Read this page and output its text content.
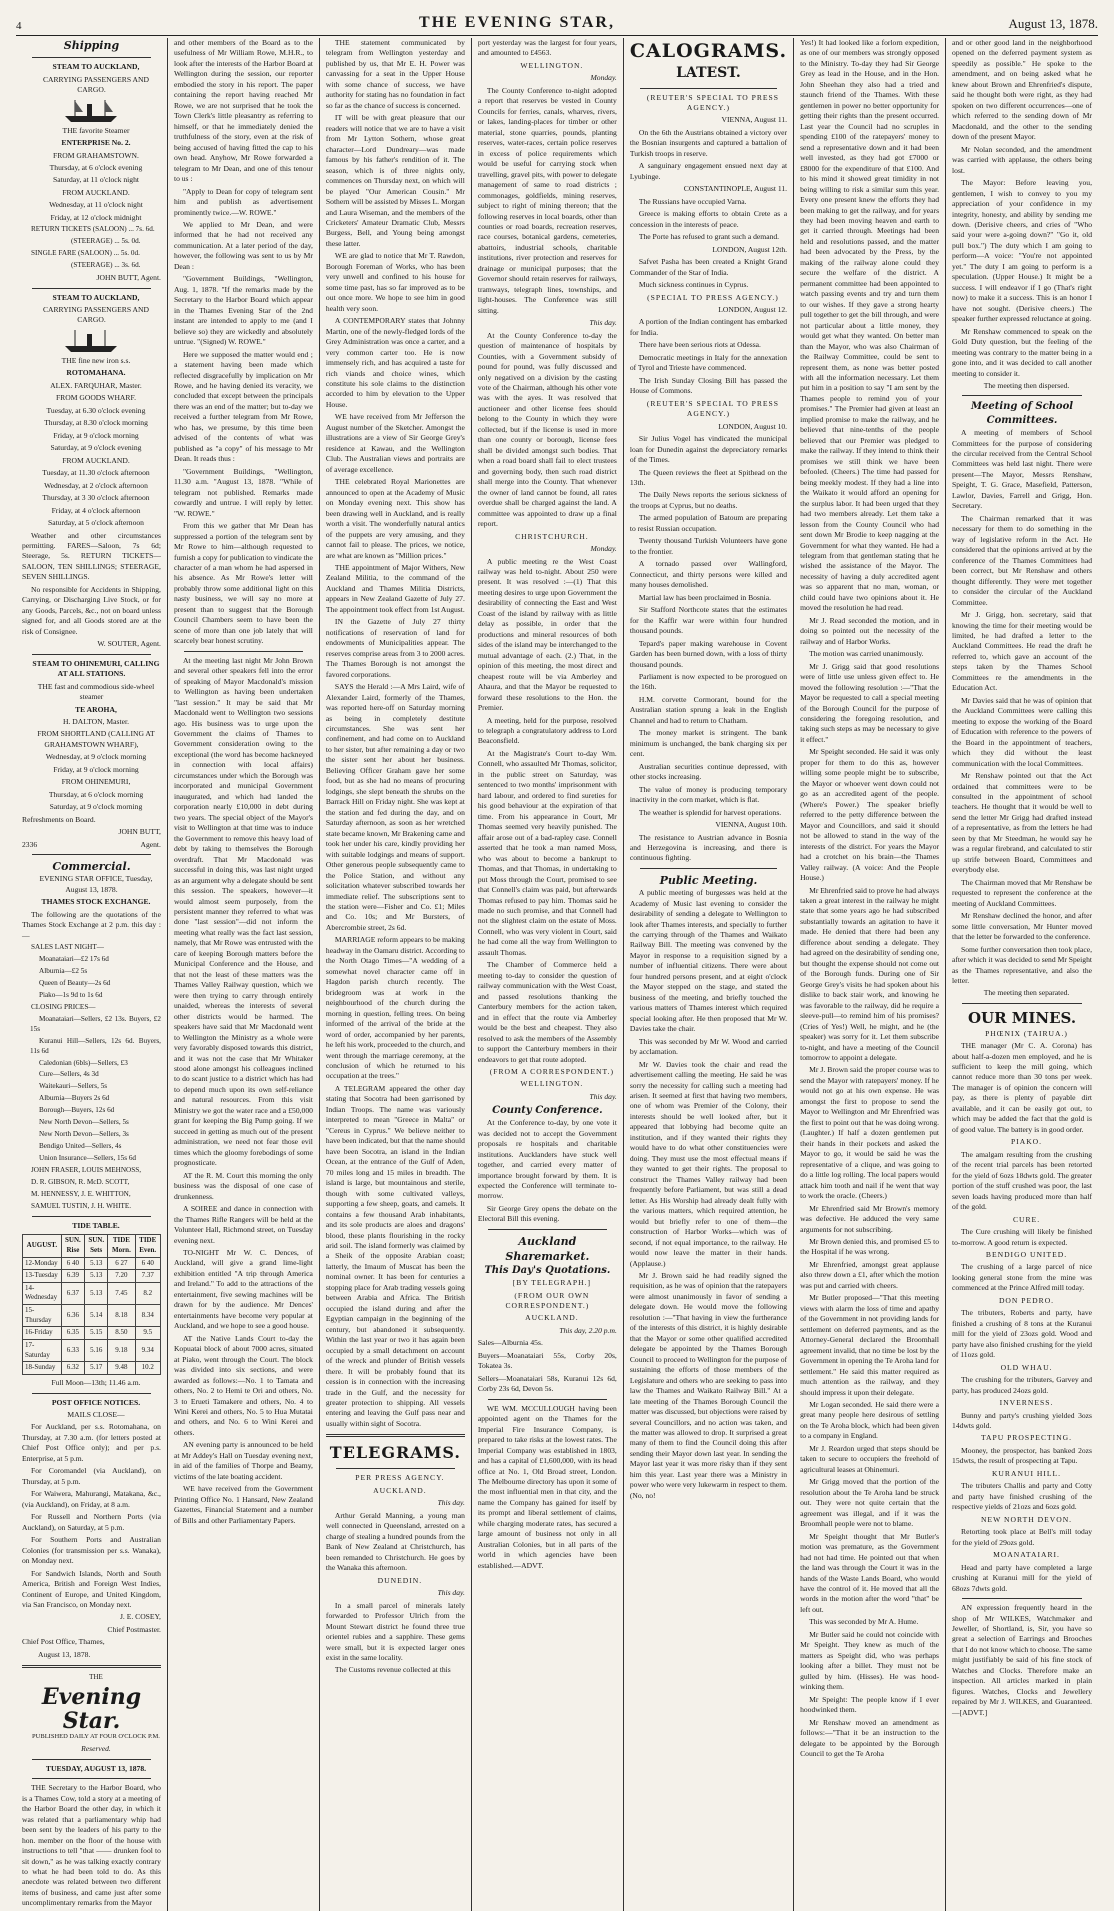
4	THE EVENING STAR,	August 13, 1878.
Shipping

STEAM TO AUCKLAND,

CARRYING PASSENGERS AND CARGO.

THE favorite Steamer

ENTERPRISE No. 2.

FROM GRAHAMSTOWN.

Thursday, at 6 o'clock evening

Saturday, at 11 o'clock night

FROM AUCKLAND.

Wednesday, at 11 o'clock night

Friday, at 12 o'clock midnight

RETURN TICKETS (SALOON) ... 7s. 6d.

(STEERAGE) ... 5s. 0d.

SINGLE FARE (SALOON) ... 5s. 0d.

(STEERAGE) ... 3s. 6d.

JOHN BUTT, Agent.

STEAM TO AUCKLAND,

CARRYING PASSENGERS AND CARGO.

THE fine new iron s.s.

ROTOMAHANA.

ALEX. FARQUHAR, Master.

FROM GOODS WHARF.

Tuesday, at 6.30 o'clock evening

Thursday, at 8.30 o'clock morning

Friday, at 9 o'clock morning

Saturday, at 9 o'clock evening

FROM AUCKLAND.

Tuesday, at 11.30 o'clock afternoon

Wednesday, at 2 o'clock afternoon

Thursday, at 3 30 o'clock afternoon

Friday, at 4 o'clock afternoon

Saturday, at 5 o'clock afternoon

Weather and other circumstances permitting. FARES—Saloon, 7s 6d; Steerage, 5s. RETURN TICKETS—SALOON, TEN SHILLINGS; STEERAGE, SEVEN SHILLINGS.

No responsible for Accidents in Shipping, Carrying, or Discharging Live Stock, or for any Goods, Parcels, &c., not on board unless signed for, and all Goods stored are at the risk of Consignee.

W. SOUTER, Agent.

STEAM TO OHINEMURI, CALLING AT ALL STATIONS.

THE fast and commodious side-wheel steamer

TE AROHA,

H. DALTON, Master.

FROM SHORTLAND (CALLING AT GRAHAMSTOWN WHARF),

Wednesday, at 9 o'clock morning

Friday, at 9 o'clock morning

FROM OHINEMURI,

Thursday, at 6 o'clock morning

Saturday, at 9 o'clock morning

Refreshments on Board.

JOHN BUTT,

2336	Agent.
Commercial.

EVENING STAR OFFICE, Tuesday, August 13, 1878.

THAMES STOCK EXCHANGE.

The following are the quotations of the Thames Stock Exchange at 2 p.m. this day :—

SALES LAST NIGHT—

Moanataiari—£2 17s 6d

Alburnia—£2 5s

Queen of Beauty—2s 6d

Piako—1s 9d to 1s 6d

CLOSING PRICES—

Moanataiari—Sellers, £2 13s. Buyers, £2 15s

Kuranui Hill—Sellers, 12s 6d. Buyers, 11s 6d

Caledonian (6bls)—Sellers, £3

Cure—Sellers, 4s 3d

Waitekauri—Sellers, 5s

Alburnia—Buyers 2s 6d

Borough—Buyers, 12s 6d

New North Devon—Sellers, 5s

New North Devon—Sellers, 3s

Bendigo United—Sellers, 4s

Union Insurance—Sellers, 15s 6d

JOHN FRASER, LOUIS MEHNOSS,

D. R. GIBSON, R. McD. SCOTT,

M. HENNESSY, J. E. WHITTON,

SAMUEL TUSTIN, J. H. WHITE.

TIDE TABLE.

AUGUST.	SUN. Rise	SUN. Sets	TIDE Morn.	TIDE Even.
12-Monday	6 40	5.13	6 27	6 40
13-Tuesday	6.39	5.13	7.20	7.37
14-Wednesday	6.37	5.13	7.45	8.2
15-Thursday	6.36	5.14	8.18	8.34
16-Friday	6.35	5.15	8.50	9.5
17-Saturday	6.33	5.16	9.18	9.34
18-Sunday	6.32	5.17	9.48	10.2

Full Moon—13th; 11.46 a.m.

POST OFFICE NOTICES.

MAILS CLOSE—

For Auckland, per s.s. Rotomahana, on Thursday, at 7.30 a.m. (for letters posted at Chief Post Office only); and per p.s. Enterprise, at 5 p.m.

For Coromandel (via Auckland), on Thursday, at 5 p.m.

For Waiwera, Mahurangi, Matakana, &c., (via Auckland), on Friday, at 8 a.m.

For Russell and Northern Ports (via Auckland), on Saturday, at 5 p.m.

For Southern Ports and Australian Colonies (for transmission per s.s. Wanaka), on Monday next.

For Sandwich Islands, North and South America, British and Foreign West Indies, Continent of Europe, and United Kingdom, via San Francisco, on Monday next.

J. E. COSEY,

Chief Postmaster.

Chief Post Office, Thames,

August 13, 1878.

THE

Evening Star.

PUBLISHED DAILY AT FOUR O'CLOCK P.M.

Reserved.

TUESDAY, AUGUST 13, 1878.

THE Secretary to the Harbor Board, who is a Thames Cow, told a story at a meeting of the Harbor Board the other day, in which it was related that a parliamentary whip had been sent by the leaders of his party to the hon. member on the floor of the house with instructions to tell "that —— drunken fool to sit down," as he was talking exactly contrary to what he had been told to do. As this anecdote was related between two different items of business, and came just after some uncomplimentary remarks from the Mayor

and other members of the Board as to the usefulness of Mr William Rowe, M.H.R., to look after the interests of the Harbor Board at Wellington during the session, our reporter embodied the story in his report. The paper containing the report having reached Mr Rowe, we are not surprised that he took the Town Clerk's little pleasantry as referring to himself, or that he immediately denied the truthfulness of the story, even at the risk of being accused of having fitted the cap to his own head. Anyhow, Mr Rowe forwarded a telegram to Mr Dean, and one of this tenour to us :

"Apply to Dean for copy of telegram sent him and publish as advertisement prominently twice.—W. ROWE."

We applied to Mr Dean, and were informed that he had not received any communication. At a later period of the day, however, the following was sent to us by Mr Dean :

"Government Buildings, "Wellington, Aug. 1, 1878. "If the remarks made by the Secretary to the Harbor Board which appear in the Thames Evening Star of the 2nd instant are intended to apply to me (and I believe so) they are wickedly and absolutely untrue. "(Signed) W. ROWE."

Here we supposed the matter would end ; a statement having been made which reflected disgracefully by implication on Mr Rowe, and he having denied its veracity, we concluded that except between the principals there was an end of the matter; but to-day we received a further telegram from Mr Rowe, who has, we presume, by this time been advised of the contents of what was published as "a copy" of his message to Mr Dean. It reads thus :

"Government Buildings, "Wellington, 11.30 a.m. "August 13, 1878. "While of telegram not published. Remarks made cowardly and untrue. I will reply by letter. "W. ROWE."

From this we gather that Mr Dean has suppressed a portion of the telegram sent by Mr Rowe to him—although requested to furnish a copy for publication to vindicate the character of a man whom he had aspersed in his absence. As Mr Rowe's letter will probably throw some additional light on this nasty business, we will say no more at present than to suggest that the Borough Council Chambers seem to have been the scene of more than one job lately that will scarcely bear honest scrutiny.

At the meeting last night Mr John Brown and several other speakers fell into the error of speaking of Mayor Macdonald's mission to Wellington as having been undertaken "last session." It may be said that Mr Macdonald went to Wellington two sessions ago. His business was to urge upon the Government the claims of Thames to Government consideration owing to the exceptional (the word has become hackneyed in connection with local affairs) circumstances under which the Borough was incorporated and municipal Government inaugurated, and which had landed the corporation nearly £10,000 in debt during two years. The special object of the Mayor's visit to Wellington at that time was to induce the Government to remove this heavy load of debt by taking to themselves the Borough overdraft. That Mr Macdonald was successful in doing this, was last night urged as an argument why a delegate should be sent this session. The speakers, however—it would almost seem purposely, from the persistent manner they referred to what was done "last session"—did not inform the meeting what really was the fact last session, namely, that Mr Rowe was entrusted with the care of keeping Borough matters before the Municipal Conference and the House, and that not the least of these matters was the Thames Valley Railway question, which we were then trying to carry through entirely unaided, whereas the interests of several other districts would be harmed. The speakers have said that Mr Macdonald went to Wellington the Ministry as a whole were very favorably disposed towards this district, and it was not the case that Mr Whitaker stood alone amongst his colleagues inclined to do scant justice to a district which has had to depend much upon its own self-reliance and natural resources. From this visit Ministry we got the water race and a £50,000 grant for keeping the Big Pump going. If we succeed in getting as much out of the present administration, we need not fear those evil times which the gloomy forebodings of some prognosticate.

AT the R. M. Court this morning the only business was the disposal of one case of drunkenness.

A SOIREE and dance in connection with the Thames Rifle Rangers will be held at the Volunteer Hall, Richmond street, on Tuesday evening next.

TO-NIGHT Mr W. C. Dences, of Auckland, will give a grand lime-light exhibition entitled "A trip through America and Ireland." To add to the attractions of the entertainment, five sewing machines will be drawn for by the audience. Mr Dences' entertainments have become very popular at Auckland, and we hope to see a good house.

AT the Native Lands Court to-day the Kopuatai block of about 7000 acres, situated at Piako, went through the Court. The block was divided into six sections, and were awarded as follows:—No. 1 to Tamata and others, No. 2 to Hemi te Ori and others, No. 3 to Erueti Tamakere and others, No. 4 to Wini Kerei and others, No. 5 to Hua Mutatai and others, and No. 6 to Wini Kerei and others.

AN evening party is announced to be held at Mr Addey's Hall on Tuesday evening next, in aid of the families of Thorpe and Beamy, victims of the late boating accident.

WE have received from the Government Printing Office No. 1 Hansard, New Zealand Gazettes, Financial Statement and a number of Bills and other Parliamentary Papers.

THE statement communicated by telegram from Wellington yesterday and published by us, that Mr E. H. Power was canvassing for a seat in the Upper House with some chance of success, we have authority for stating has no foundation in fact so far as the chance of success is concerned.

IT will be with great pleasure that our readers will notice that we are to have a visit from Mr Lytton Sothern, whose great character—Lord Dundreary—was made famous by his father's rendition of it. The season, which is of three nights only, commences on Thursday next, on which will be played "Our American Cousin." Mr Sothern will be assisted by Misses L. Morgan and Laura Wiseman, and the members of the Cricketers' Amateur Dramatic Club, Messrs Burgess, Bell, and Young being amongst these latter.

WE are glad to notice that Mr T. Rawdon, Borough Foreman of Works, who has been very unwell and confined to his house for some time past, has so far improved as to be out once more. We hope to see him in good health very soon.

A CONTEMPORARY states that Johnny Martin, one of the newly-fledged lords of the Grey Administration was once a carter, and a very common carter too. He is now immensely rich, and has acquired a taste for rich viands and choice wines, which constitute his sole claims to the distinction accorded to him by elevation to the Upper House.

WE have received from Mr Jefferson the August number of the Sketcher. Amongst the illustrations are a view of Sir George Grey's residence at Kawau, and the Wellington Club. The Australian views and portraits are of average excellence.

THE celebrated Royal Marionettes are announced to open at the Academy of Music on Monday evening next. This show has been drawing well in Auckland, and is really worth a visit. The wonderfully natural antics of the puppets are very amusing, and they cannot fail to please. The prices, we notice, are what are known as "Million prices."

THE appointment of Major Withers, New Zealand Militia, to the command of the Auckland and Thames Militia Districts, appears in New Zealand Gazette of July 27. The appointment took effect from 1st August.

IN the Gazette of July 27 thirty notifications of reservation of land for endowments of Municipalities appear. The reserves comprise areas from 3 to 2000 acres. The Thames Borough is not amongst the favored corporations.

SAYS the Herald :—A Mrs Laird, wife of Alexander Laird, formerly of the Thames, was reported here-off on Saturday morning as being in completely destitute circumstances. She was sent her confinement, and had come on to Auckland to her sister, but after remaining a day or two the sister sent her about her business. Believing Officer Graham gave her some food, but as she had no means of procuring lodgings, she slept beneath the shrubs on the Barrack Hill on Friday night. She was kept at the station and fed during the day, and on Saturday afternoon, as soon as her wretched state became known, Mr Brakening came and took her under his care, kindly providing her with suitable lodgings and means of support. Other generous people subsequently came to the Police Station, and without any solicitation whatever subscribed towards her immediate relief. The subscriptions sent to the station were—Fisher and Co. £1; Miles and Co. 10s; and Mr Bursters, of Abercrombie street, 2s 6d.

MARRIAGE reform appears to be making headway in the Oamaru district. According to the North Otago Times—"A wedding of a somewhat novel character came off in Hagdon parish church recently. The bridegroom was at work in the neighbourhood of the church during the morning in question, felling trees. On being informed of the arrival of the bride at the word of order, accompanied by her parents, he left his work, proceeded to the church, and went through the marriage ceremony, at the conclusion of which he returned to his occupation at the trees."

A TELEGRAM appeared the other day stating that Socotra had been garrisoned by Indian Troops. The name was variously interpreted to mean "Greece in Malta" or "Cereus in Cyprus." We believe neither to have been indicated, but that the name should have been Socotra, an island in the Indian Ocean, at the entrance of the Gulf of Aden, 70 miles long and 15 miles in breadth. The island is large, but mountainous and sterile, though with some cultivated valleys, supporting a few sheep, goats, and camels. It contains a few thousand Arab inhabitants, and its sole products are aloes and dragons' blood, these plants flourishing in the rocky arid soil. The island formerly was claimed by a Sheik of the opposite Arabian coast; latterly, the Imaum of Muscat has been the nominal owner. It has been for centuries a stopping place for Arab trading vessels going between Arabia and Africa. The British occupied the island during and after the Egyptian campaign in the beginning of the century, but abandoned it subsequently. Within the last year or two it has again been occupied by a small detachment on account of the wreck and plunder of British vessels there. It will be probably found that its cession is in connection with the increasing trade in the Gulf, and the necessity for greater protection to shipping. All vessels entering and leaving the Gulf pass near and usually within sight of Socotra.

TELEGRAMS.

PER PRESS AGENCY.

AUCKLAND.

This day.

Arthur Gerald Manning, a young man well connected in Queensland, arrested on a charge of stealing a hundred pounds from the Bank of New Zealand at Christchurch, has been remanded to Christchurch. He goes by the Wanaka this afternoon.

DUNEDIN.

This day.

In a small parcel of minerals lately forwarded to Professor Ulrich from the Mount Stewart district he found three true orientel rubies and a sapphire. These gems were small, but it is expected larger ones exist in the same locality.

The Customs revenue collected at this

port yesterday was the largest for four years, and amounted to £4563.

WELLINGTON.

Monday.

The County Conference to-night adopted a report that reserves be vested in County Councils for ferries, canals, wharves, rivers, or lakes, landing-places for timber or other material, stone quarries, pounds, planting reserves, water-races, certain police reserves in excess of police requirements which would be useful for carrying stock when travelling, gravel pits, with power to delegate management of same to road districts ; commonages, goldfields, mining reserves, subject to right of mining thereon; that the following reserves in local boards, other than counties or road boards, recreation reserves, race courses, botanical gardens, cemeteries, abattoirs, industrial schools, charitable institutions, river protection and reserves for drainage or municipal purposes; that the Governor should retain reserves for railways, tramways, telegraph lines, townships, and light-houses. The Conference was still sitting.

This day.

At the County Conference to-day the question of maintenance of hospitals by Counties, with a Government subsidy of pound for pound, was fully discussed and only negatived on a division by the casting vote of the Chairman, although his other vote was with the ayes. It was resolved that auctioneer and other license fees should belong to the County in which they were collected, but if the license is used in more than one county or borough, license fees shall be divided amongst such bodies. That when a road board shall fail to elect trustees and governing body, then such road district shall merge into the County. That whenever the owner of land cannot be found, all rates overdue shall be charged against the land. A committee was appointed to draw up a final report.

CHRISTCHURCH.

Monday.

A public meeting re the West Coast railway was held to-night. About 250 were present. It was resolved :—(1) That this meeting desires to urge upon Government the desirability of connecting the East and West Coast of the island by railway with as little delay as possible, in order that the productions and mineral resources of both sides of the island may be interchanged to the mutual advantage of each. (2.) That, in the opinion of this meeting, the most direct and cheapest route will be via Amberley and Ahaura, and that the Mayor be requested to forward these resolutions to the Hon. the Premier.

A meeting, held for the purpose, resolved to telegraph a congratulatory address to Lord Beaconsfield.

At the Magistrate's Court to-day Wm. Connell, who assaulted Mr Thomas, solicitor, in the public street on Saturday, was sentenced to two months' imprisonment with hard labour, and ordered to find sureties for his good behaviour at the expiration of that time. From his appearance in Court, Mr Thomas seemed very heavily punished. The affair arose out of a bad-rapley case. Connell asserted that he took a man named Moss, who was about to become a bankrupt to Thomas, and that Thomas, in undertaking to put Moss through the Court, promised to see that Connell's claim was paid, but afterwards Thomas refused to pay him. Thomas said he made no such promise, and that Connell had not the slightest claim on the estate of Moss. Connell, who was very violent in Court, said he had come all the way from Wellington to assault Thomas.

The Chamber of Commerce held a meeting to-day to consider the question of railway communication with the West Coast, and passed resolutions thanking the Canterbury members for the action taken, and in effect that the route via Amberley would be the best and cheapest. They also resolved to ask the members of the Assembly to support the Canterbury members in their endeavors to get that route adopted.

(FROM A CORRESPONDENT.)

WELLINGTON.

This day.

County Conference.

At the Conference to-day, by one vote it was decided not to accept the Government proposals re hospitals and charitable institutions. Aucklanders have stuck well together, and carried every matter of importance brought forward by them. It is expected the Conference will terminate to-morrow.

Sir George Grey opens the debate on the Electoral Bill this evening.

Auckland Sharemarket.
This Day's Quotations.

[BY TELEGRAPH.]

(FROM OUR OWN CORRESPONDENT.)

AUCKLAND.

This day, 2.20 p.m.

Sales—Alburnia 45s.

Buyers—Moanataiari 55s, Corby 20s, Tokatea 3s.

Sellers—Moanataiari 58s, Kuranui 12s 6d, Corby 23s 6d, Devon 5s.

WE WM. MCCULLOUGH having been appointed agent on the Thames for the Imperial Fire Insurance Company, is prepared to take risks at the lowest rates. The Imperial Company was established in 1803, and has a capital of £1,600,000, with its head office at No. 1, Old Broad street, London. The Melbourne directory has upon it some of the most influential men in that city, and the name the Company has gained for itself by its prompt and liberal settlement of claims, while charging moderate rates, has secured a large amount of business not only in all Australian Colonies, but in all parts of the world in which agencies have been established.—ADVT.

CALOGRAMS.
LATEST.

(REUTER'S SPECIAL TO PRESS AGENCY.)

VIENNA, August 11.

On the 6th the Austrians obtained a victory over the Bosnian insurgents and captured a battalion of Turkish troops in reserve.

A sanguinary engagement ensued next day at Lyubinge.

CONSTANTINOPLE, August 11.

The Russians have occupied Varna.

Greece is making efforts to obtain Crete as a concession in the interests of peace.

The Porte has refused to grant such a demand.

LONDON, August 12th.

Safvet Pasha has been created a Knight Grand Commander of the Star of India.

Much sickness continues in Cyprus.

(SPECIAL TO PRESS AGENCY.)

LONDON, August 12.

A portion of the Indian contingent has embarked for India.

There have been serious riots at Odessa.

Democratic meetings in Italy for the annexation of Tyrol and Trieste have commenced.

The Irish Sunday Closing Bill has passed the House of Commons.

(REUTER'S SPECIAL TO PRESS AGENCY.)

LONDON, August 10.

Sir Julius Vogel has vindicated the municipal loan for Dunedin against the depreciatory remarks of the Times.

The Queen reviews the fleet at Spithead on the 13th.

The Daily News reports the serious sickness of the troops at Cyprus, but no deaths.

The armed population of Batoum are preparing to resist Russian occupation.

Twenty thousand Turkish Volunteers have gone to the frontier.

A tornado passed over Wallingford, Connecticut, and thirty persons were killed and many houses demolished.

Martial law has been proclaimed in Bosnia.

Sir Stafford Northcote states that the estimates for the Kaffir war were within four hundred thousand pounds.

Tepard's paper making warehouse in Covent Garden has been burned down, with a loss of thirty thousand pounds.

Parliament is now expected to be prorogued on the 16th.

H.M. corvette Cormorant, bound for the Australian station sprung a leak in the English Channel and had to return to Chatham.

The money market is stringent. The bank minimum is unchanged, the bank charging six per cent.

Australian securities continue depressed, with other stocks increasing.

The value of money is producing temporary inactivity in the corn market, which is flat.

The weather is splendid for harvest operations.

VIENNA, August 10th.

The resistance to Austrian advance in Bosnia and Herzegovina is increasing, and there is continuous fighting.

Public Meeting.

A public meeting of burgesses was held at the Academy of Music last evening to consider the desirability of sending a delegate to Wellington to look after Thames interests, and specially to further the carrying through of the Thames and Waikato Railway Bill. The meeting was convened by the Mayor in response to a requisition signed by a number of influential citizens. There were about four hundred persons present, and at eight o'clock the Mayor stepped on the stage, and stated the business of the meeting, and briefly touched the various matters of Thames interest which required special looking after. He then proposed that Mr W. Davies take the chair.

This was seconded by Mr W. Wood and carried by acclamation.

Mr W. Davies took the chair and read the advertisement calling the meeting. He said he was sorry the necessity for calling such a meeting had arisen. It seemed at first that having two members, one of whom was Premier of the Colony, their interests should be well looked after, but it appeared that lobbying had become quite an institution, and if they wanted their rights they would have to do what other constituencies were doing. They must use the most effectual means if they wanted to get their rights. The proposal to construct the Thames Valley railway had been frequently before Parliament, but was still a dead letter. As His Worship had already dealt fully with the various matters, which required attention, he would but briefly refer to one of them—the construction of Harbor Works—which was of second, if not equal importance, to the railway. He would now leave the matter in their hands. (Applause.)

Mr J. Brown said he had readily signed the requisition, as he was of opinion that the ratepayers were almost unanimously in favor of sending a delegate down. He would move the following resolution :—"That having in view the furtherance of the interests of this district, it is highly desirable that the Mayor or some other qualified accredited delegate be appointed by the Thames Borough Council to proceed to Wellington for the purpose of sustaining the efforts of those members of the Legislature and others who are seeking to pass into law the Thames and Waikato Railway Bill." At a late meeting of the Thames Borough Council the matter was discussed, but objections were raised by several Councillors, and no action was taken, and the matter was allowed to drop. It surprised a great many of them to find the Council doing this after sending their Mayor down last year. In sending the Mayor last year it was more risky than if they sent him this year. Last year there was a Ministry in power who were very lukewarm in respect to them. (No, no!

Yes!) It had looked like a forlorn expedition, as one of our members was strongly opposed to the Ministry. To-day they had Sir George Grey as lead in the House, and in the Hon. John Sheehan they also had a tried and staunch friend of the Thames. With these gentlemen in power no better opportunity for getting their rights than the present occurred. Last year the Council had no scruples in spending £100 of the ratepayers' money to send a representative down and it had been well invested, as they had got £7000 or £8000 for the expenditure of that £100. And to his mind it showed great timidity in not being willing to risk a similar sum this year. Every one present knew the efforts they had been making to get the railway, and for years they had been moving heaven and earth to get it carried through. Meetings had been held and resolutions passed, and the matter had been advocated by the Press, by the making of the railway alone could they secure the welfare of the district. A permanent committee had been appointed to watch passing events and try and turn them to our wishes. If they gave a strong hearty pull together to get the bill through, and were not particular about a little money, they would get what they wanted. On better man than the Mayor, who was also Chairman of the Railway Committee, could be sent to represent them, as none was better posted with all the information necessary. Let them put him in a position to say "I am sent by the Thames people to remind you of your promises." The Premier had given at least an implied promise to make the railway, and he believed that nine-tenths of the people believed that our Premier was pledged to make the railway. If they intend to think their promises we still think we have been befooled. (Cheers.) The time had passed for being meekly modest. If they had a line into the Waikato it would afford an opening for the surplus labor. It had been urged that they had two members already. Let them take a lesson from the County Council who had sent down Mr Brodie to keep nagging at the Government for what they wanted. He had a telegram from that gentleman stating that he wished the assistance of the Mayor. The necessity of having a duly accredited agent was so apparent that no man, woman, or child could have two opinions about it. He moved the resolution he had read.

Mr J. Read seconded the motion, and in doing so pointed out the necessity of the railway and of Harbor Works.

The motion was carried unanimously.

Mr J. Grigg said that good resolutions were of little use unless given effect to. He moved the following resolution :—"That the Mayor be requested to call a special meeting of the Borough Council for the purpose of considering the foregoing resolution, and taking such steps as may be necessary to give it effect."

Mr Speight seconded. He said it was only proper for them to do this as, however willing some people might be to subscribe, the Mayor or whoever went down could not go as an accredited agent of the people. (Where's Power.) The speaker briefly referred to the petty difference between the Mayor and Councillors, and said it should not be allowed to stand in the way of the interests of the district. For years the Mayor had a crotchet on his brain—the Thames Valley railway. (A voice: And the People House.)

Mr Ehrenfried said to prove he had always taken a great interest in the railway he might state that some years ago he had subscribed substantially towards an agitation to have it made. He denied that there had been any difference about sending a delegate. They had agreed on the desirability of sending one, but thought the expense should not come out of the Borough funds. During one of Sir George Grey's visits he had spoken about his dislike to back stair work, and knowing he was favorable to the railway, did he require a sleeve-pull—to remind him of his promises? (Cries of Yes!) Well, he might, and he (the speaker) was sorry for it. Let them subscribe to-night, and have a meeting of the Council tomorrow to appoint a delegate.

Mr J. Brown said the proper course was to send the Mayor with ratepayers' money. If he would not go at his own expense. He was amongst the first to propose to send the Mayor to Wellington and Mr Ehrenfried was the first to point out that he was doing wrong. (Laughter.) If half a dozen gentlemen put their hands in their pockets and asked the Mayor to go, it would be said he was the representative of a clique, and was going to do a little log rolling. The local papers would attack him tooth and nail if he went that way to work the oracle. (Cheers.)

Mr Ehrenfried said Mr Brown's memory was defective. He adduced the very same arguments for not subscribing.

Mr Brown denied this, and promised £5 to the Hospital if he was wrong.

Mr Ehrenfried, amongst great applause also threw down a £1, after which the motion was put and carried with cheers.

Mr Butler proposed—"That this meeting views with alarm the loss of time and apathy of the Government in not providing lands for settlement on deferred payments, and as the Attorney-General declared the Broomhall agreement invalid, that no time be lost by the Government in opening the Te Aroha land for settlement." He said this matter required as much attention as the railway, and they should impress it upon their delegate.

Mr Logan seconded. He said there were a great many people here desirous of settling on the Te Aroha block, which had been given to a company in England.

Mr J. Reardon urged that steps should be taken to secure to occupiers the freehold of agricultural leases at Ohinemuri.

Mr Grigg moved that the portion of the resolution about the Te Aroha land be struck out. They were not quite certain that the agreement was illegal, and if it was the Broomhall people were not to blame.

Mr Speight thought that Mr Butler's motion was premature, as the Government had not had time. He pointed out that when the land was through the Court it was in the hands of the Waste Lands Board, who would have the control of it. He moved that all the words in the motion after the word "that" be left out.

This was seconded by Mr A. Hume.

Mr Butler said he could not coincide with Mr Speight. They knew as much of the matters as Speight did, who was perhaps looking after a billet. They must not be gulled by him. (Hisses). He was hood-winking them.

Mr Speight: The people know if I ever hoodwinked them.

Mr Renshaw moved an amendment as follows:—"That it be an instruction to the delegate to be appointed by the Borough Council to get the Te Aroha

and or other good land in the neighborhood opened on the deferred payment system as speedily as possible." He spoke to the amendment, and on being asked what he knew about Brown and Ehrenfried's dispute, said he thought both were right, as they had spoken on two different occurrences—one of which referred to the sending down of Mr Macdonald, and the other to the sending down of the present Mayor.

Mr Nolan seconded, and the amendment was carried with applause, the others being lost.

The Mayor: Before leaving you, gentlemen, I wish to convey to you my appreciation of your confidence in my integrity, honesty, and ability by sending me down. (Derisive cheers, and cries of "Who said your were a-going down?" "Go it, old pull box.") The duty which I am going to perform—A voice: "You're not appointed yet." The duty I am going to perform is a speculation. (Upper House.) It might be a success. I will endeavor if I go (That's right now) to make it a success. This is an honor I have not sought. (Derisive cheers.) The speaker further expressed reluctance at going.

Mr Renshaw commenced to speak on the Gold Duty question, but the feeling of the meeting was contrary to the matter being in a gone into, and it was decided to call another meeting to consider it.

The meeting then dispersed.

Meeting of School Committees.

A meeting of members of School Committees for the purpose of considering the circular received from the Central School Committees was held last night. There were present—The Mayor, Messrs Renshaw, Speight, T. G. Grace, Masefield, Patterson, Lawlor, Davies, Farrell and Grigg, Hon. Secretary.

The Chairman remarked that it was necessary for them to do something in the way of legislative reform in the Act. He considered that the opinions arrived at by the conference of the Thames Committees had been correct, but Mr Renshaw and others thought differently. They were met together to consider the circular of the Auckland Committee.

Mr J. Grigg, hon. secretary, said that knowing the time for their meeting would be limited, he had drafted a letter to the Auckland Committees. He read the draft he referred to, which gave an account of the steps taken by the Thames School Committees re the amendments in the Education Act.

Mr Davies said that he was of opinion that the Auckland Committees were calling this meeting to expose the working of the Board of Education with reference to the powers of the Board in the appointment of teachers, which they did without the least communication with the local Committees.

Mr Renshaw pointed out that the Act ordained that committees were to be consulted in the appointment of school teachers. He thought that it would be well to send the letter Mr Grigg had drafted instead of a representative, as from the letters he had seen by that Mr Steedman, he would say he was a regular firebrand, and calculated to stir up strife between Board, Committees and everybody else.

The Chairman moved that Mr Renshaw be requested to represent the conference at the meeting of Auckland Committees.

Mr Renshaw declined the honor, and after some little conversation, Mr Hunter moved that the letter be forwarded to the conference.

Some further conversation then took place, after which it was decided to send Mr Speight as the Thames representative, and also the letter.

The meeting then separated.

OUR MINES.

PHŒNIX (TAIRUA.)

THE manager (Mr C. A. Corona) has about half-a-dozen men employed, and he is sufficient to keep the mill going, which cannot reduce more than 30 tons per week. The manager is of opinion the concern will pay, as there is plenty of payable dirt available, and it can be easily got out, to which may be added the fact that the gold is of good value. The battery is in good order.

PIAKO.

The amalgam resulting from the crushing of the recent trial parcels has been retorted for the yield of 6ozs 18dwts gold. The greater portion of the stuff crushed was poor, the last seven loads having produced more than half of the gold.

CURE.

The Cure crushing will likely be finished to-morrow. A good return is expected.

BENDIGO UNITED.

The crushing of a large parcel of nice looking general stone from the mine was commenced at the Prince Alfred mill today.

DON PEDRO.

The tributers, Roberts and party, have finished a crushing of 8 tons at the Kuranui mill for the yield of 23ozs gold. Wood and party have also finished crushing for the yield of 11ozs gold.

OLD WHAU.

The crushing for the tributers, Garvey and party, has produced 24ozs gold.

INVERNESS.

Bunny and party's crushing yielded 3ozs 14dwts gold.

TAPU PROSPECTING.

Mooney, the prospector, has banked 2ozs 15dwts, the result of prospecting at Tapu.

KURANUI HILL.

The tributers Challis and party and Cotty and party have finished crushing of the respective yields of 21ozs and 6ozs gold.

NEW NORTH DEVON.

Retorting took place at Bell's mill today for the yield of 29ozs gold.

MOANATAIARI.

Head and party have completed a large crushing at Kuranui mill for the yield of 68ozs 7dwts gold.

AN expression frequently heard in the shop of Mr WILKES, Watchmaker and Jeweller, of Shortland, is, Sir, you have so great a selection of Earrings and Brooches that I do not know which to choose. The same might justifiably be said of his fine stock of Watches and Clocks. Therefore make an inspection. All articles marked in plain figures. Watches, Clocks and Jewellery repaired by Mr J. WILKES, and Guaranteed.—[ADVT.]
